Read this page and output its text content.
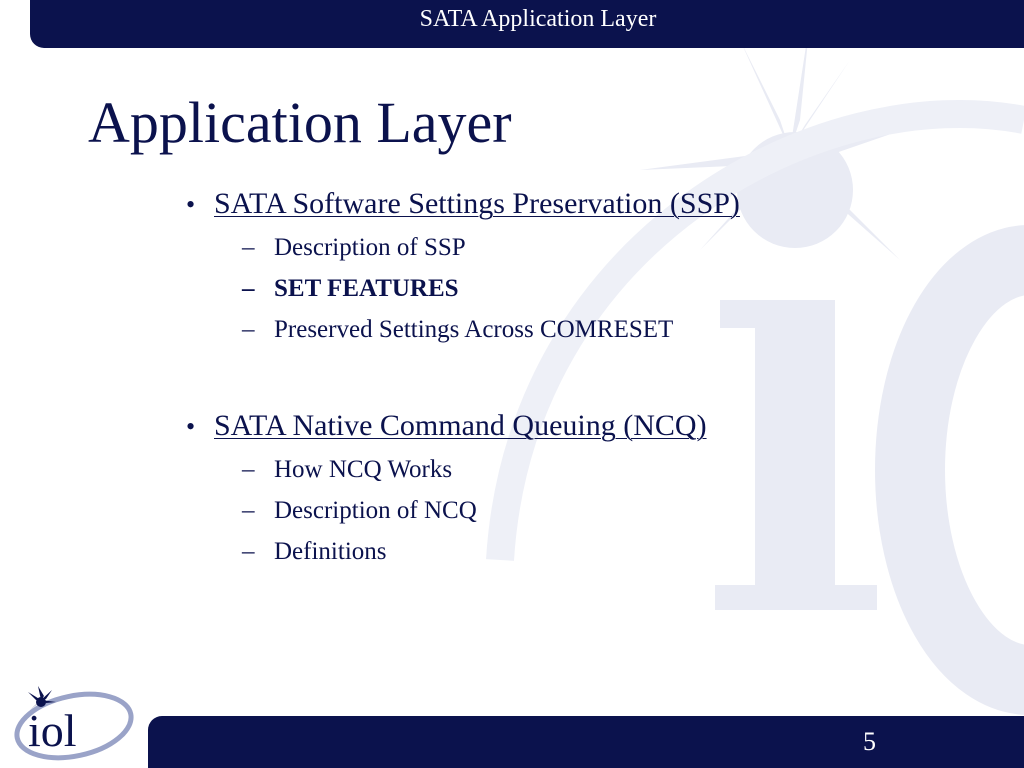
SATA Application Layer
Application Layer
• SATA Software Settings Preservation (SSP)
– Description of SSP
– SET FEATURES
– Preserved Settings Across COMRESET
• SATA Native Command Queuing (NCQ)
– How NCQ Works
– Description of NCQ
– Definitions
5
iol
